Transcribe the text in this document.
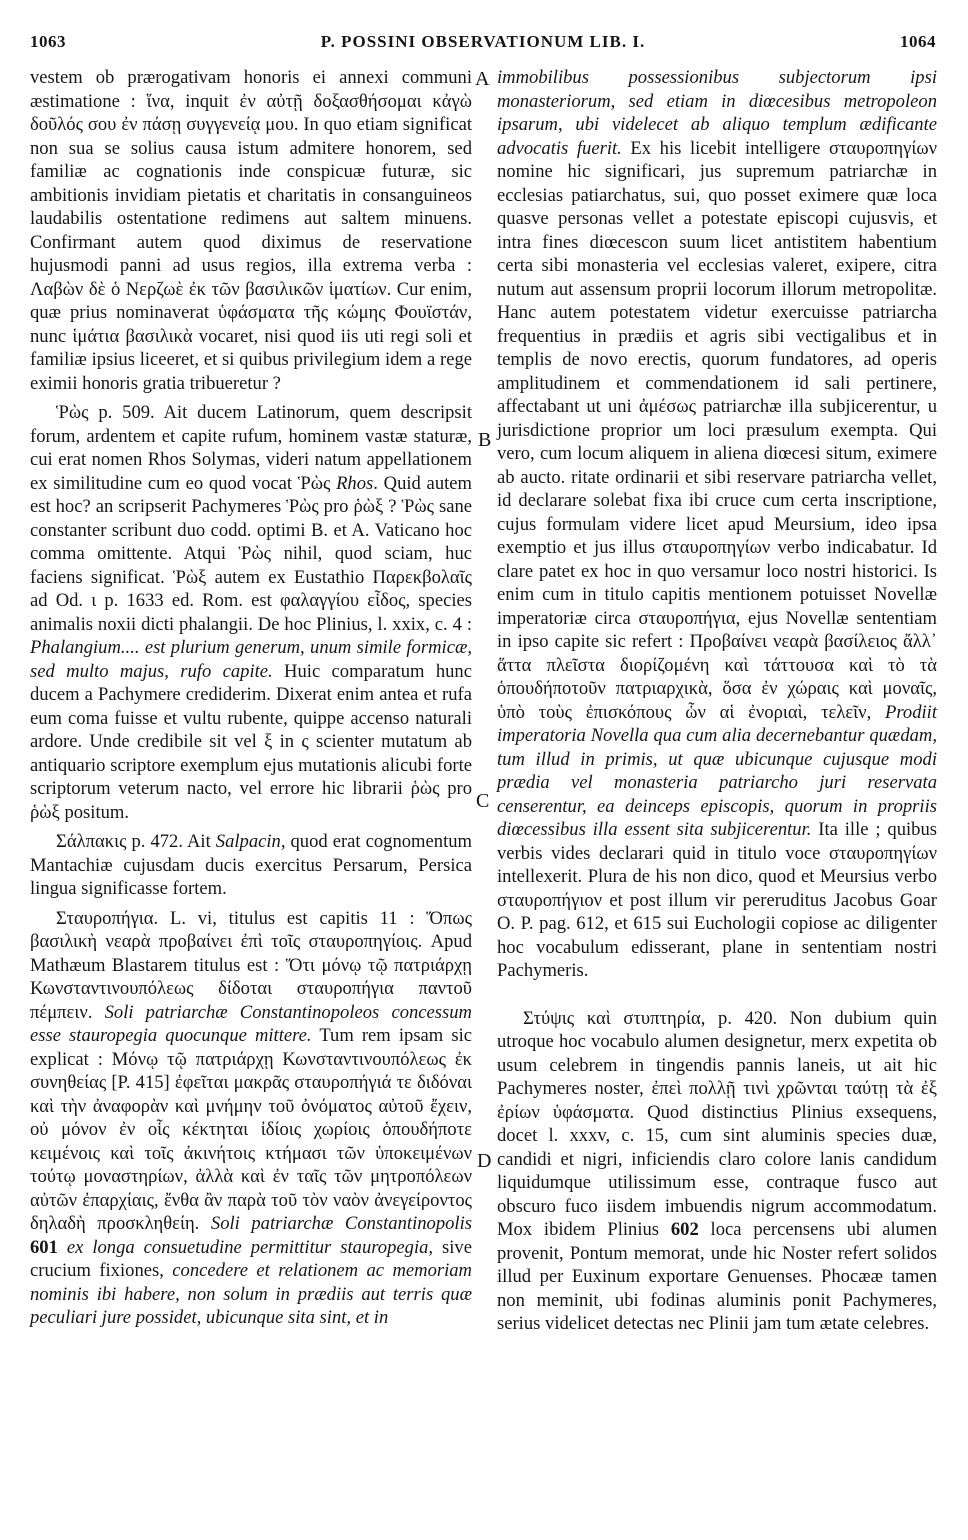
1063	P. POSSINI OBSERVATIONUM LIB. I.	1064
A
B
C
D

vestem ob prærogativam honoris ei annexi communi æstimatione : ἵνα, inquit ἐν αὐτῇ δοξασθήσομαι κἀγὼ δοῦλός σου ἐν πάσῃ συγγενείᾳ μου. In quo etiam significat non sua se solius causa istum admitere honorem, sed familiæ ac cognationis inde conspicuæ futuræ, sic ambitionis invidiam pietatis et charitatis in consanguineos laudabilis ostentatione redimens aut saltem minuens. Confirmant autem quod diximus de reservatione hujusmodi panni ad usus regios, illa extrema verba : Λαβὼν δὲ ὁ Νερζωὲ ἐκ τῶν βασιλικῶν ἱματίων. Cur enim, quæ prius nominaverat ὑφάσματα τῆς κώμης Φουϊστάν, nunc ἱμάτια βασιλικὰ vocaret, nisi quod iis uti regi soli et familiæ ipsius liceeret, et si quibus privilegium idem a rege eximii honoris gratia tribueretur ?

Ῥὼς p. 509. Ait ducem Latinorum, quem descripsit forum, ardentem et capite rufum, hominem vastæ staturæ, cui erat nomen Rhos Solymas, videri natum appellationem ex similitudine cum eo quod vocat Ῥὼς Rhos. Quid autem est hoc? an scripserit Pachymeres Ῥὼς pro ῥὼξ ? Ῥὼς sane constanter scribunt duo codd. optimi B. et A. Vaticano hoc comma omittente. Atqui Ῥὼς nihil, quod sciam, huc faciens significat. Ῥὼξ autem ex Eustathio Παρεκβολαῖς ad Od. ι p. 1633 ed. Rom. est φαλαγγίου εἶδος, species animalis noxii dicti phalangii. De hoc Plinius, l. xxix, c. 4 : Phalangium.... est plurium generum, unum simile formicæ, sed multo majus, rufo capite. Huic comparatum hunc ducem a Pachymere crediderim. Dixerat enim antea et rufa eum coma fuisse et vultu rubente, quippe accenso naturali ardore. Unde credibile sit vel ξ in ς scienter mutatum ab antiquario scriptore exemplum ejus mutationis alicubi forte scriptorum veterum nacto, vel errore hic librarii ῥὼς pro ῥὼξ positum.

Σάλπακις p. 472. Ait Salpacin, quod erat cognomentum Mantachiæ cujusdam ducis exercitus Persarum, Persica lingua significasse fortem.

Σταυροπήγια. L. vi, titulus est capitis 11 : Ὅπως βασιλικὴ νεαρὰ προβαίνει ἐπὶ τοῖς σταυροπηγίοις. Apud Mathæum Blastarem titulus est : Ὅτι μόνῳ τῷ πατριάρχῃ Κωνσταντινουπόλεως δίδοται σταυροπήγια παντοῦ πέμπειν. Soli patriarchæ Constantinopoleos concessum esse stauropegia quocunque mittere. Tum rem ipsam sic explicat : Μόνῳ τῷ πατριάρχῃ Κωνσταντινουπόλεως ἐκ συνηθείας [P. 415] ἐφεῖται μακρᾶς σταυροπήγιά τε διδόναι καὶ τὴν ἀναφορὰν καὶ μνήμην τοῦ ὀνόματος αὐτοῦ ἔχειν, οὐ μόνον ἐν οἷς κέκτηται ἰδίοις χωρίοις ὁπουδήποτε κειμένοις καὶ τοῖς ἀκινήτοις κτήμασι τῶν ὑποκειμένων τούτῳ μοναστηρίων, ἀλλὰ καὶ ἐν ταῖς τῶν μητροπόλεων αὐτῶν ἐπαρχίαις, ἔνθα ἂν παρὰ τοῦ τὸν ναὸν ἀνεγείροντος δηλαδὴ προσκληθείη. Soli patriarchæ Constantinopolis 601 ex longa consuetudine permittitur stauropegia, sive crucium fixiones, concedere et relationem ac memoriam nominis ibi habere, non solum in prædiis aut terris quæ peculiari jure possidet, ubicunque sita sint, et in

immobilibus possessionibus subjectorum ipsi monasteriorum, sed etiam in diœcesibus metropoleon ipsarum, ubi videlecet ab aliquo templum ædificante advocatis fuerit. Ex his licebit intelligere σταυροπηγίων nomine hic significari, jus supremum patriarchæ in ecclesias patiarchatus, sui, quo posset eximere quæ loca quasve personas vellet a potestate episcopi cujusvis, et intra fines diœcescon suum licet antistitem habentium certa sibi monasteria vel ecclesias valeret, exipere, citra nutum aut assensum proprii locorum illorum metropolitæ. Hanc autem potestatem videtur exercuisse patriarcha frequentius in prædiis et agris sibi vectigalibus et in templis de novo erectis, quorum fundatores, ad operis amplitudinem et commendationem id sali pertinere, affectabant ut uni ἀμέσως patriarchæ illa subjicerentur, u jurisdictione proprior um loci præsulum exempta. Qui vero, cum locum aliquem in aliena diœcesi situm, eximere ab aucto. ritate ordinarii et sibi reservare patriarcha vellet, id declarare solebat fixa ibi cruce cum certa inscriptione, cujus formulam videre licet apud Meursium, ideo ipsa exemptio et jus illus σταυροπηγίων verbo indicabatur. Id clare patet ex hoc in quo versamur loco nostri historici. Is enim cum in titulo capitis mentionem potuisset Novellæ imperatoriæ circa σταυροπήγια, ejus Novellæ sententiam in ipso capite sic refert : Προβαίνει νεαρὰ βασίλειος ἄλλ᾽ ἅττα πλεῖστα διορίζομένη καὶ τάττουσα καὶ τὸ τὰ ὁπουδήποτοῦν πατριαρχικὰ, ὅσα ἐν χώραις καὶ μοναῖς, ὑπὸ τοὺς ἐπισκόπους ὧν αἱ ἐνοριαὶ, τελεῖν, Prodiit imperatoria Novella qua cum alia decernebantur quædam, tum illud in primis, ut quæ ubicunque cujusque modi prædia vel monasteria patriarcho juri reservata censerentur, ea deinceps episcopis, quorum in propriis diœcessibus illa essent sita subjicerentur. Ita ille ; quibus verbis vides declarari quid in titulo voce σταυροπηγίων intellexerit. Plura de his non dico, quod et Meursius verbo σταυροπήγιον et post illum vir pereruditus Jacobus Goar O. P. pag. 612, et 615 sui Euchologii copiose ac diligenter hoc vocabulum edisserant, plane in sententiam nostri Pachymeris.

Στύψις καὶ στυπτηρία, p. 420. Non dubium quin utroque hoc vocabulo alumen designetur, merx expetita ob usum celebrem in tingendis pannis laneis, ut ait hic Pachymeres noster, ἐπεὶ πολλῇ τινὶ χρῶνται ταύτῃ τὰ ἐξ ἐρίων ὑφάσματα. Quod distinctius Plinius exsequens, docet l. xxxv, c. 15, cum sint aluminis species duæ, candidi et nigri, inficiendis claro colore lanis candidum liquidumque utilissimum esse, contraque fusco aut obscuro fuco iisdem imbuendis nigrum accommodatum. Mox ibidem Plinius 602 loca percensens ubi alumen provenit, Pontum memorat, unde hic Noster refert solidos illud per Euxinum exportare Genuenses. Phocææ tamen non meminit, ubi fodinas aluminis ponit Pachymeres, serius videlicet detectas nec Plinii jam tum ætate celebres.
